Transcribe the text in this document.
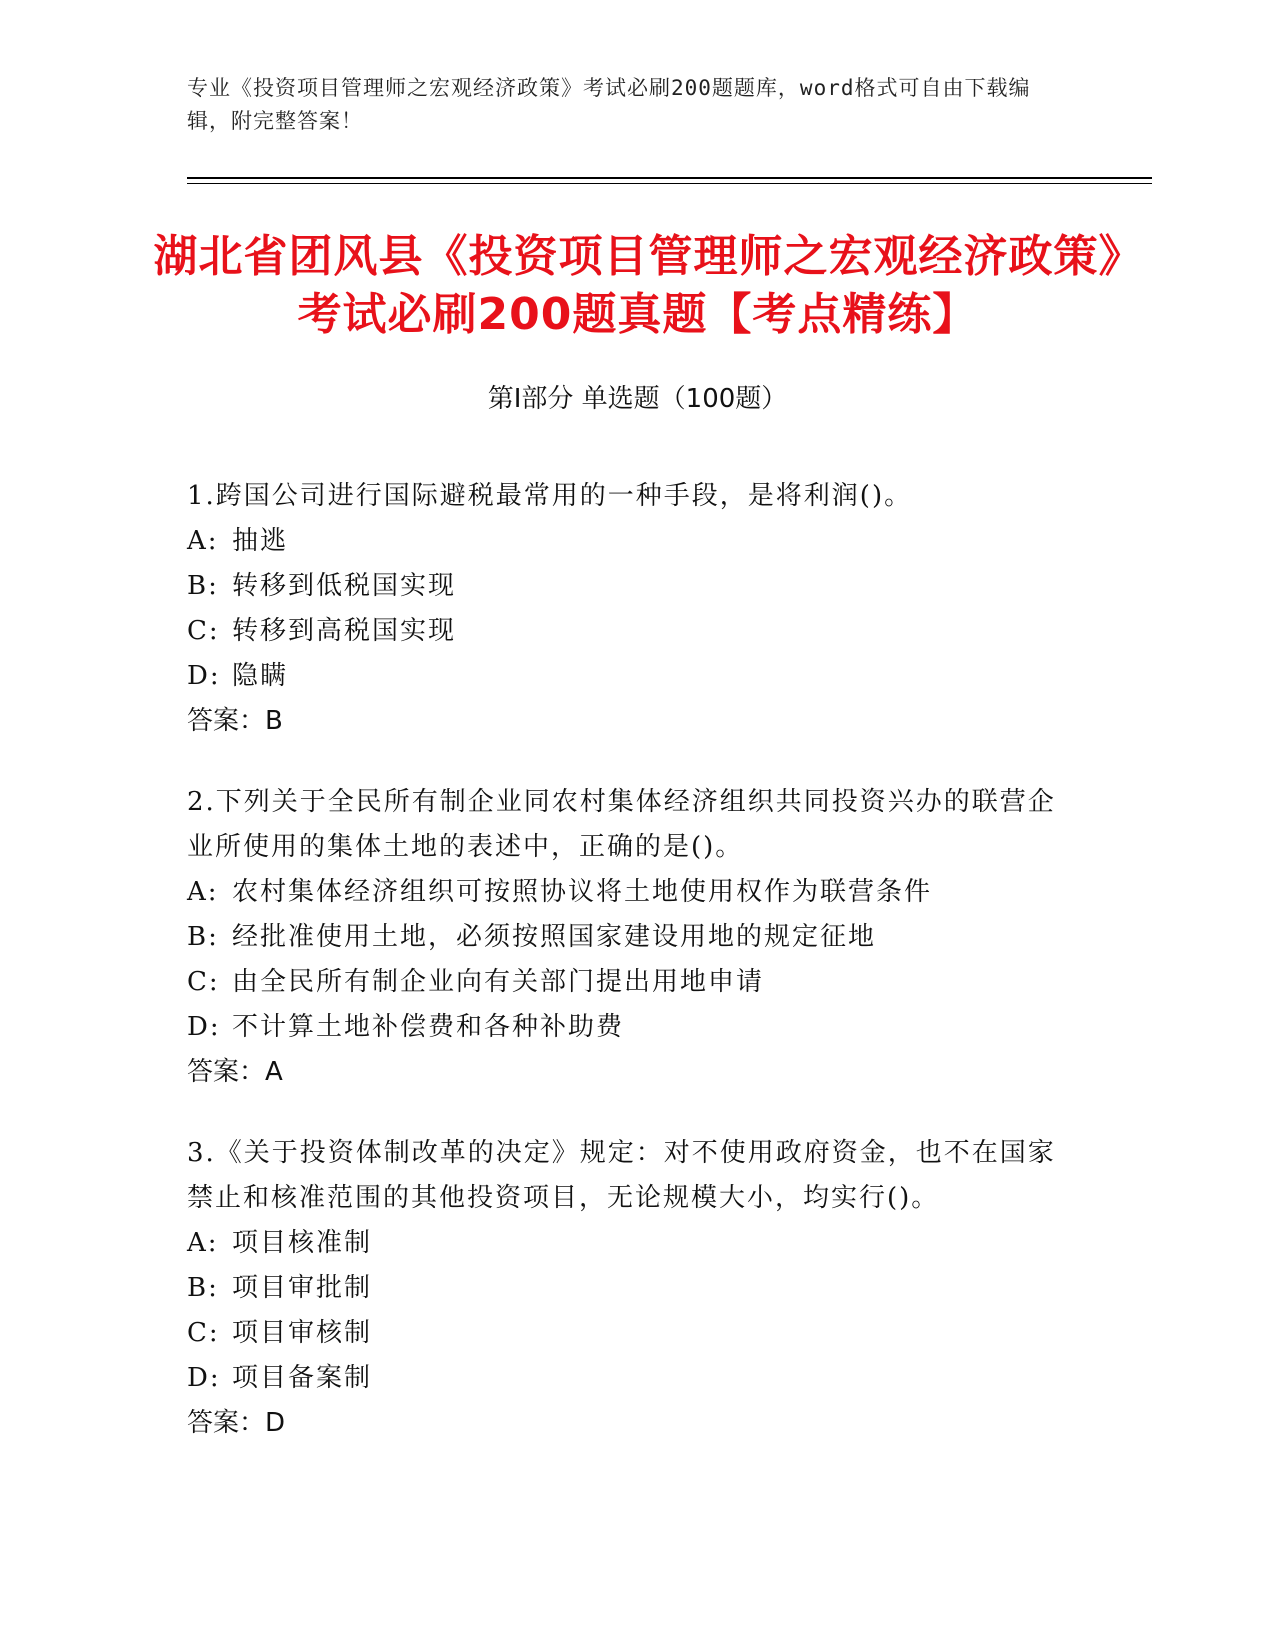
专业《投资项目管理师之宏观经济政策》考试必刷200题题库，word格式可自由下载编辑，附完整答案！
湖北省团风县《投资项目管理师之宏观经济政策》考试必刷200题真题【考点精练】
第Ⅰ部分 单选题（100题）
1.跨国公司进行国际避税最常用的一种手段，是将利润()。
A: 抽逃
B: 转移到低税国实现
C: 转移到高税国实现
D: 隐瞒
答案：B
2.下列关于全民所有制企业同农村集体经济组织共同投资兴办的联营企业所使用的集体土地的表述中，正确的是()。
A: 农村集体经济组织可按照协议将土地使用权作为联营条件
B: 经批准使用土地，必须按照国家建设用地的规定征地
C: 由全民所有制企业向有关部门提出用地申请
D: 不计算土地补偿费和各种补助费
答案：A
3.《关于投资体制改革的决定》规定：对不使用政府资金，也不在国家禁止和核准范围的其他投资项目，无论规模大小，均实行()。
A: 项目核准制
B: 项目审批制
C: 项目审核制
D: 项目备案制
答案：D
